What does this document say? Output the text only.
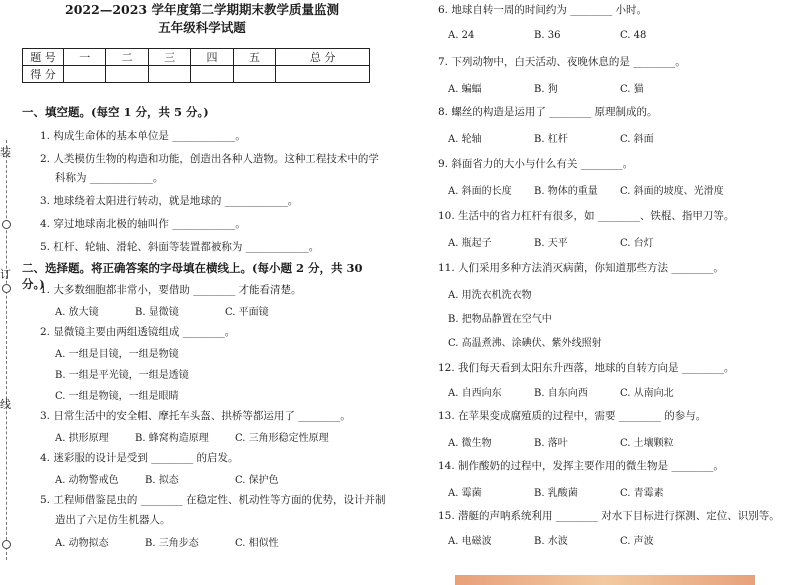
装
订
线
2022—2023 学年度第二学期期末教学质量监测
五年级科学试题
题 号	一	二	三	四	五	总 分
得 分						
一、填空题。(每空 1 分，共 5 分。)
1. 构成生命体的基本单位是 ____________。
2. 人类模仿生物的构造和功能，创造出各种人造物。这种工程技术中的学
科称为 ____________。
3. 地球绕着太阳进行转动，就是地球的 ____________。
4. 穿过地球南北极的轴叫作 ____________。
5. 杠杆、轮轴、滑轮、斜面等装置都被称为 ____________。
二、选择题。将正确答案的字母填在横线上。(每小题 2 分，共 30 分。)
1. 大多数细胞都非常小，要借助 ________ 才能看清楚。
A. 放大镜	B. 显微镜	C. 平面镜
2. 显微镜主要由两组透镜组成 ________。
A. 一组是目镜，一组是物镜
B. 一组是平光镜，一组是透镜
C. 一组是物镜，一组是眼睛
3. 日常生活中的安全帽、摩托车头盔、拱桥等都运用了 ________。
A. 拱形原理	B. 蜂窝构造原理	C. 三角形稳定性原理
4. 迷彩服的设计是受到 ________ 的启发。
A. 动物警戒色	B. 拟态	C. 保护色
5. 工程师借鉴昆虫的 ________ 在稳定性、机动性等方面的优势，设计并制
造出了六足仿生机器人。
A. 动物拟态	B. 三角步态	C. 相似性
6. 地球自转一周的时间约为 ________ 小时。
A. 24	B. 36	C. 48
7. 下列动物中，白天活动、夜晚休息的是 ________。
A. 蝙蝠	B. 狗	C. 猫
8. 螺丝的构造是运用了 ________ 原理制成的。
A. 轮轴	B. 杠杆	C. 斜面
9. 斜面省力的大小与什么有关 ________。
A. 斜面的长度 B. 物体的重量 C. 斜面的坡度、光滑度
10. 生活中的省力杠杆有很多，如 ________、铁棍、指甲刀等。
A. 瓶起子	B. 天平	C. 台灯
11. 人们采用多种方法消灭病菌，你知道那些方法 ________。
A. 用洗衣机洗衣物
B. 把物品静置在空气中
C. 高温煮沸、涂碘伏、紫外线照射
12. 我们每天看到太阳东升西落，地球的自转方向是 ________。
A. 自西向东	B. 自东向西	C. 从南向北
13. 在苹果变成腐殖质的过程中，需要 ________ 的参与。
A. 微生物	B. 落叶	C. 土壤颗粒
14. 制作酸奶的过程中，发挥主要作用的微生物是 ________。
A. 霉菌	B. 乳酸菌	C. 青霉素
15. 潜艇的声呐系统利用 ________ 对水下目标进行探测、定位、识别等。
A. 电磁波	B. 水波	C. 声波
